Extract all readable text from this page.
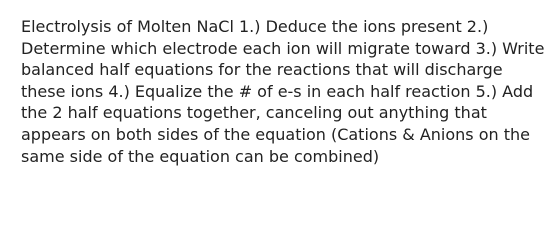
Electrolysis of Molten NaCl 1.) Deduce the ions present 2.)
Determine which electrode each ion will migrate toward 3.) Write
balanced half equations for the reactions that will discharge
these ions 4.) Equalize the # of e-s in each half reaction 5.) Add
the 2 half equations together, canceling out anything that
appears on both sides of the equation (Cations & Anions on the
same side of the equation can be combined)
